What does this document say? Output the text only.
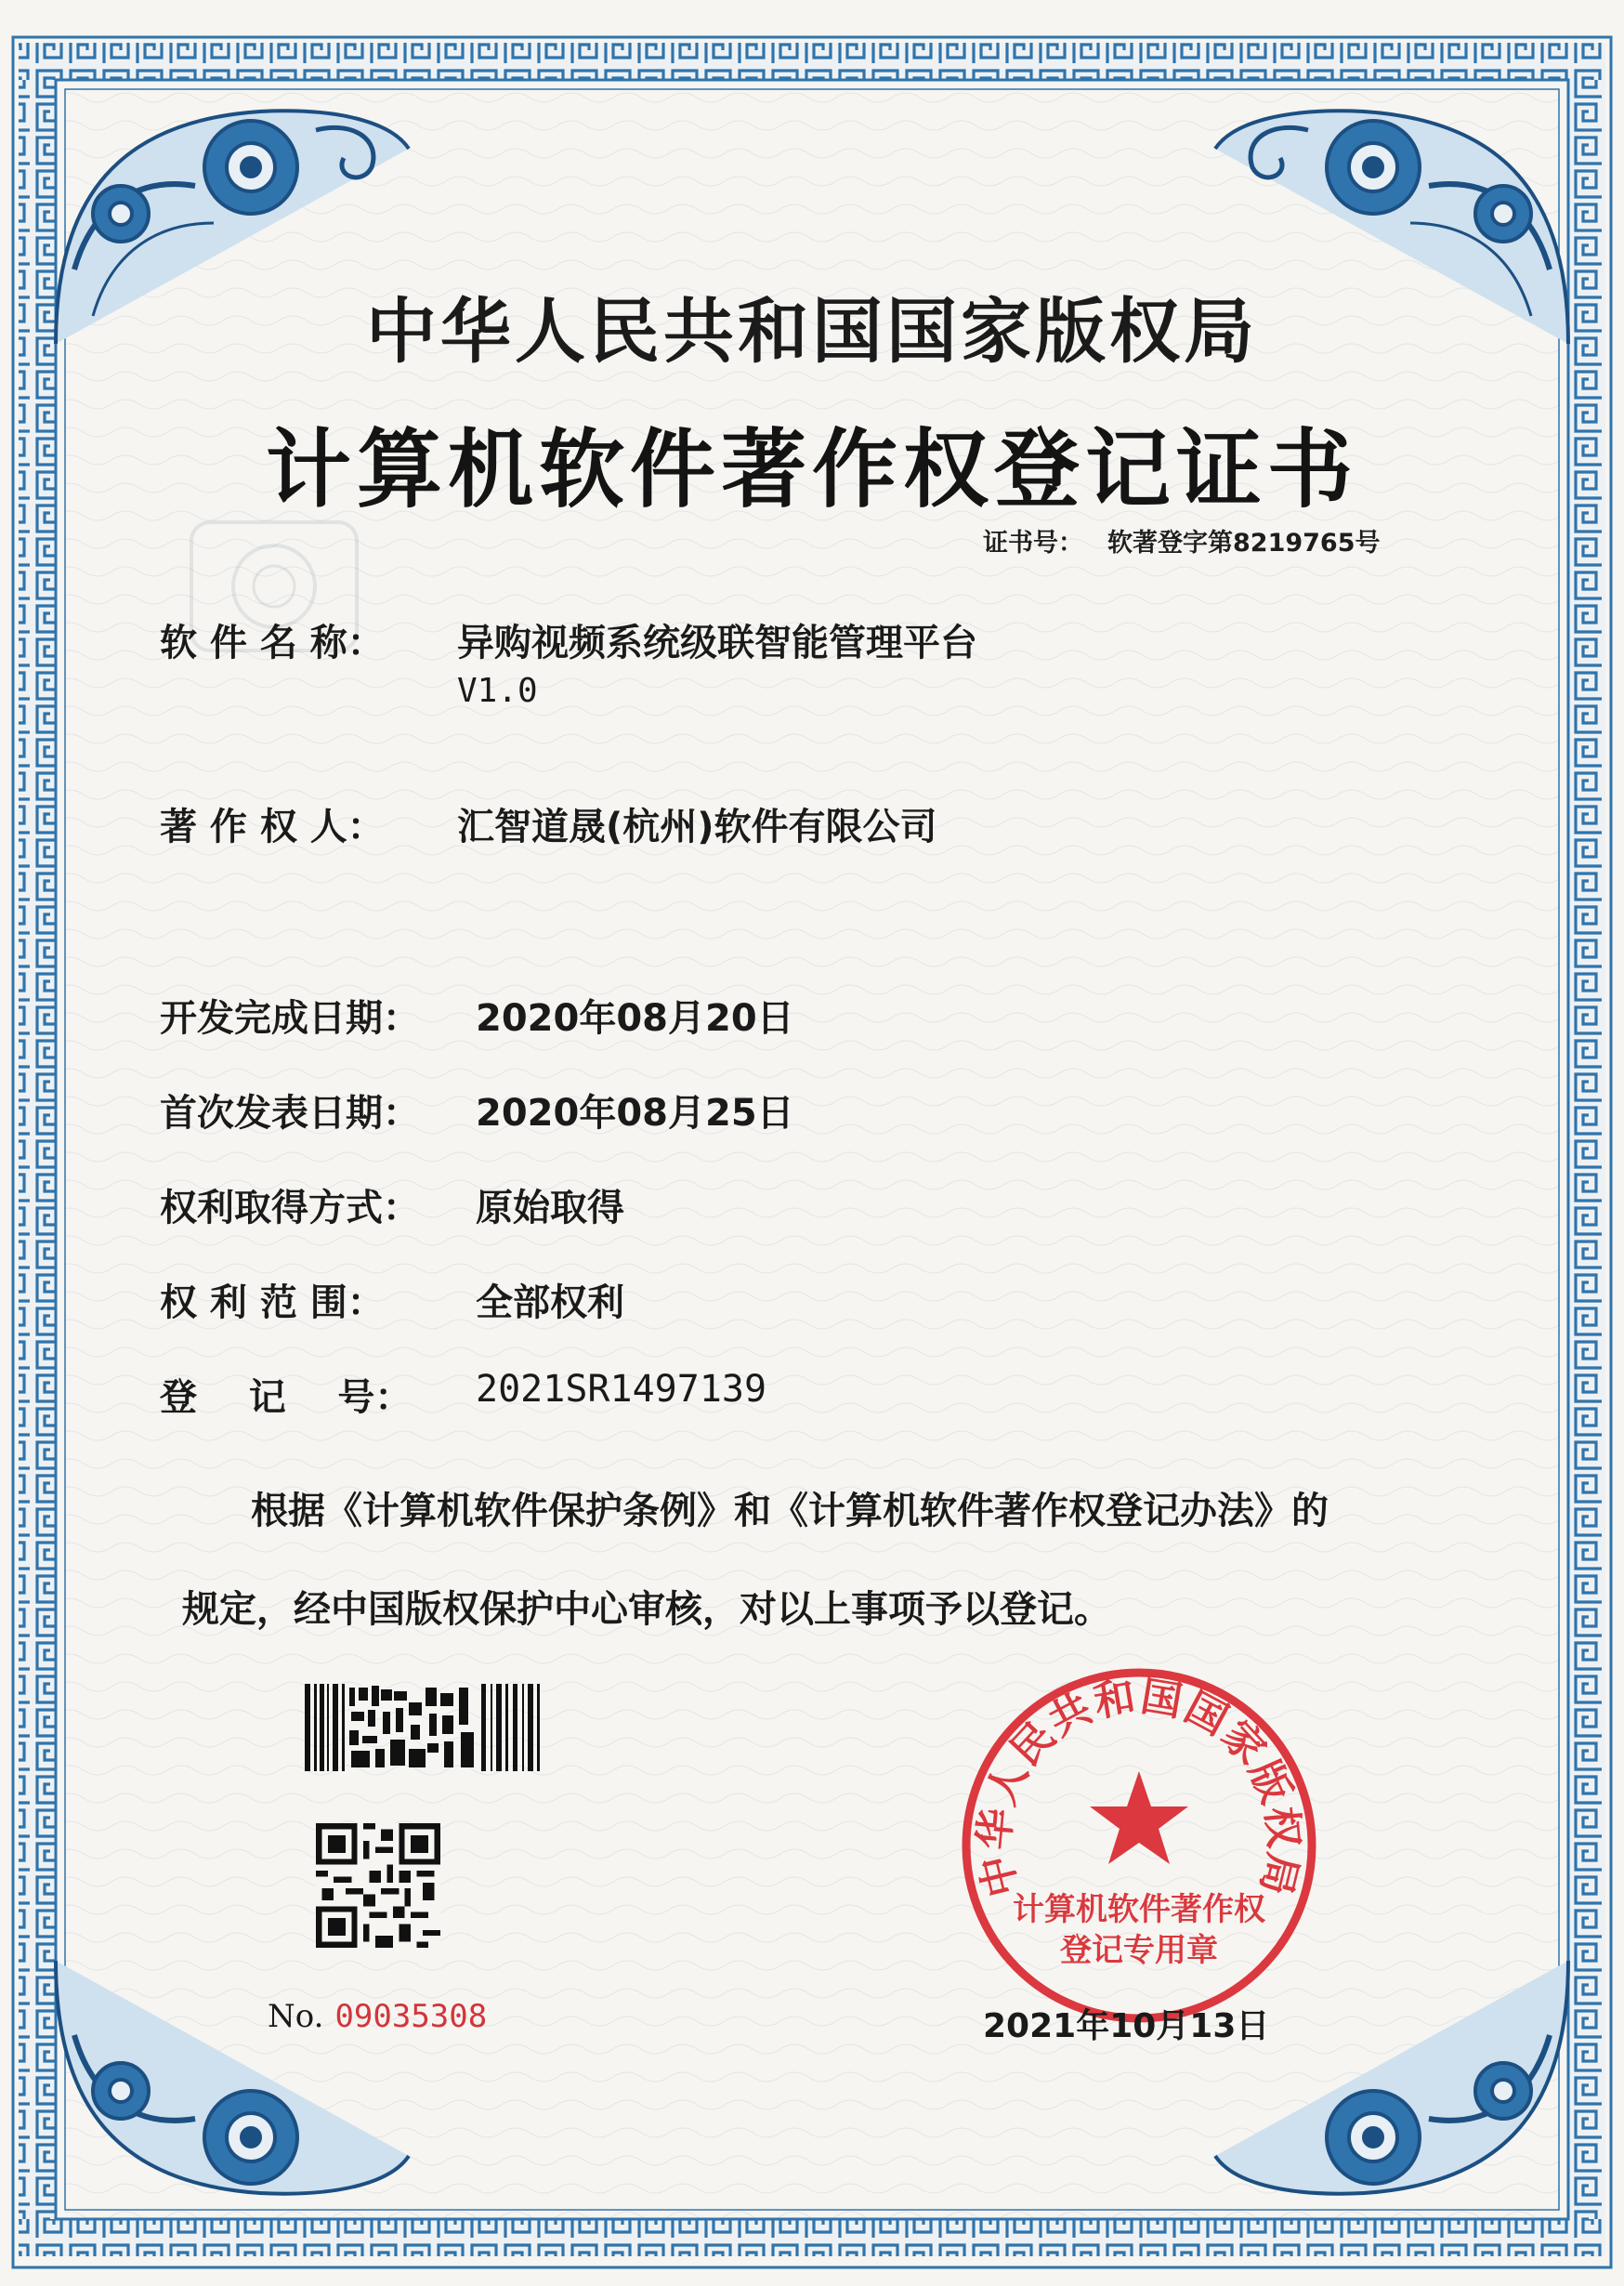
中华人民共和国国家版权局
计算机软件著作权登记证书
证书号： 软著登字第8219765号
软 件 名 称： 异购视频系统级联智能管理平台
V1.0
著 作 权 人： 汇智道晟(杭州)软件有限公司
开发完成日期： 2020年08月20日
首次发表日期： 2020年08月25日
权利取得方式： 原始取得
权 利 范 围： 全部权利
登    记    号： 2021SR1497139
根据《计算机软件保护条例》和《计算机软件著作权登记办法》的
规定，经中国版权保护中心审核，对以上事项予以登记。
No. 09035308
中华人民共和国国家版权局
计算机软件著作权
登记专用章
2021年10月13日
